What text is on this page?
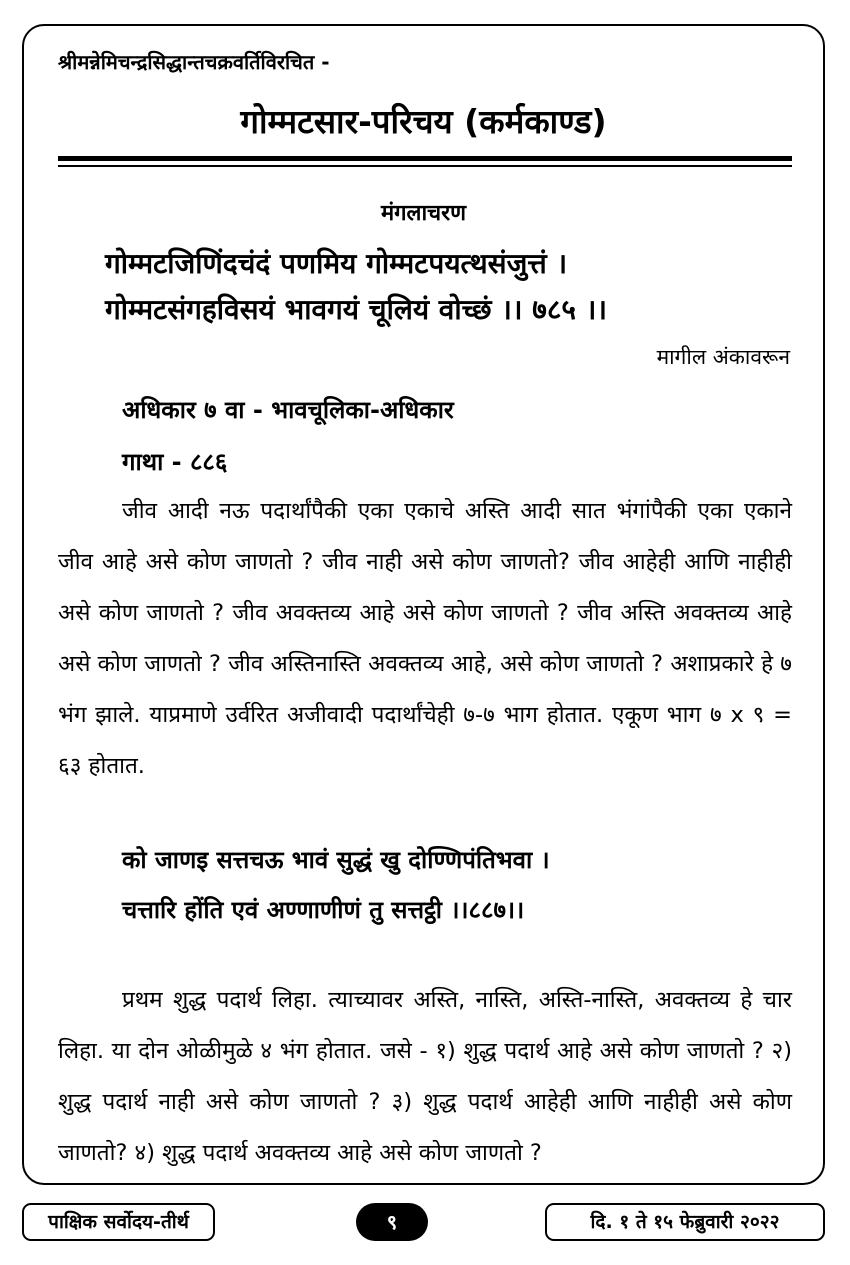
श्रीमन्नेमिचन्द्रसिद्धान्तचक्रवर्तिविरचित -
गोम्मटसार-परिचय (कर्मकाण्ड)
मंगलाचरण
गोम्मटजिणिंदचंदं पणमिय गोम्मटपयत्थसंजुत्तं ।
गोम्मटसंगहविसयं भावगयं चूलियं वोच्छं ।। ७८५ ।।
मागील अंकावरून
अधिकार ७ वा - भावचूलिका-अधिकार
गाथा - ८८६

जीव आदी नऊ पदार्थांपैकी एका एकाचे अस्ति आदी सात भंगांपैकी एका एकाने जीव आहे असे कोण जाणतो ? जीव नाही असे कोण जाणतो? जीव आहेही आणि नाहीही असे कोण जाणतो ? जीव अवक्तव्य आहे असे कोण जाणतो ? जीव अस्ति अवक्तव्य आहे असे कोण जाणतो ? जीव अस्तिनास्ति अवक्तव्य आहे, असे कोण जाणतो ? अशाप्रकारे हे ७ भंग झाले. याप्रमाणे उर्वरित अजीवादी पदार्थांचेही ७-७ भाग होतात. एकूण भाग ७ x ९ = ६३ होतात.

को जाणइ सत्तचऊ भावं सुद्धं खु दोण्णिपंतिभवा ।
चत्तारि होंति एवं अण्णाणीणं तु सत्तट्ठी ।।८८७।।

प्रथम शुद्ध पदार्थ लिहा. त्याच्यावर अस्ति, नास्ति, अस्ति-नास्ति, अवक्तव्य हे चार लिहा. या दोन ओळीमुळे ४ भंग होतात. जसे - १) शुद्ध पदार्थ आहे असे कोण जाणतो ? २) शुद्ध पदार्थ नाही असे कोण जाणतो ? ३) शुद्ध पदार्थ आहेही आणि नाहीही असे कोण जाणतो? ४) शुद्ध पदार्थ अवक्तव्य आहे असे कोण जाणतो ?

पाक्षिक सर्वोदय-तीर्थ	९	दि. १ ते १५ फेब्रुवारी २०२२
